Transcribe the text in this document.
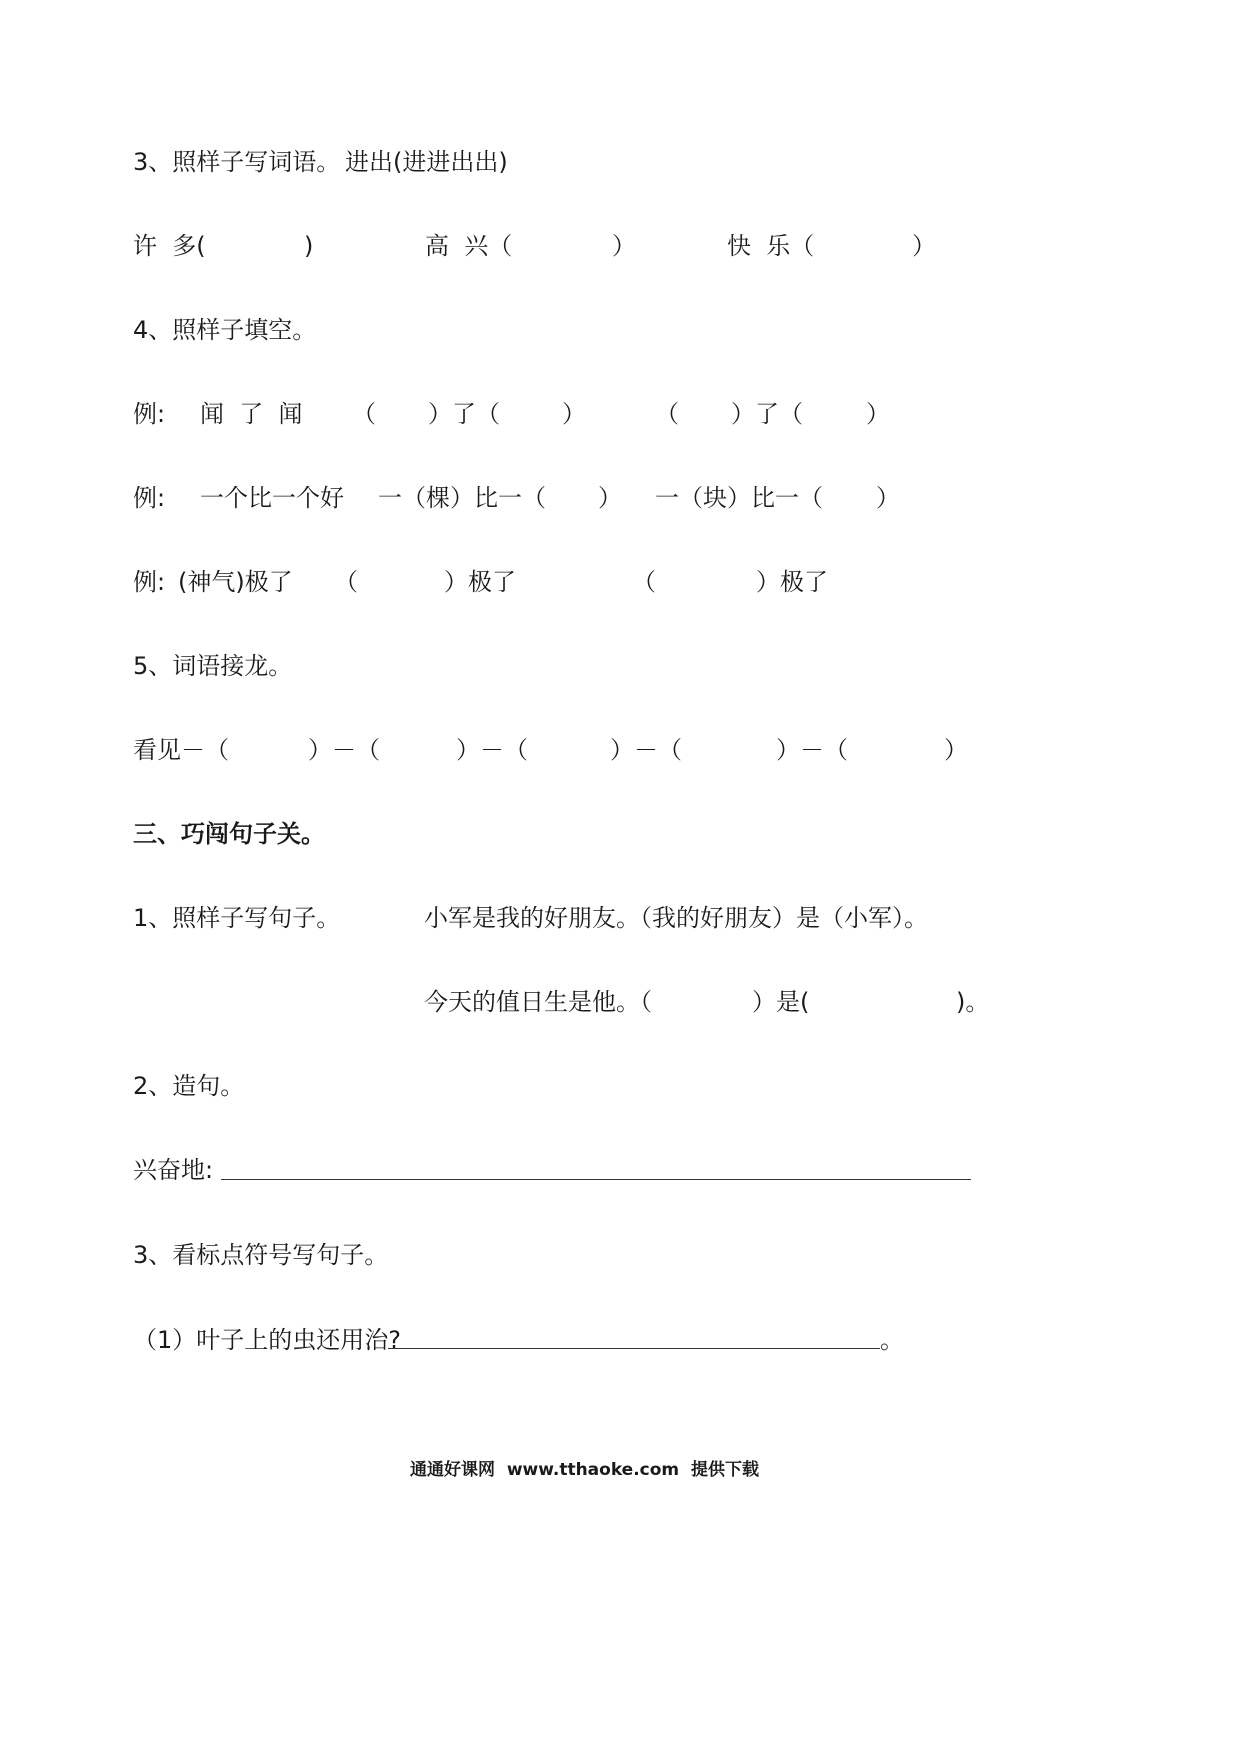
3、照样子写词语。 进出(进进出出)
许  多(	)	高  兴（	）	快  乐（	）
4、照样子填空。
例: 闻  了  闻 （ ）了（	）	（ ）了（	）
例: 一个比一个好 一（棵）比一（ ） 一（块）比一（ ）
例: (神气)极了 （	）极了	（	）极了
5、词语接龙。
看见－（	）－（	）－（	）－（	）－（	）
三、巧闯句子关。
1、照样子写句子。	小军是我的好朋友。（我的好朋友）是（小军）。
今天的值日生是他。（	）是(	)。
2、造句。
兴奋地:
3、看标点符号写句子。
（1）叶子上的虫还用治?	。
通通好课网  www.tthaoke.com  提供下载
